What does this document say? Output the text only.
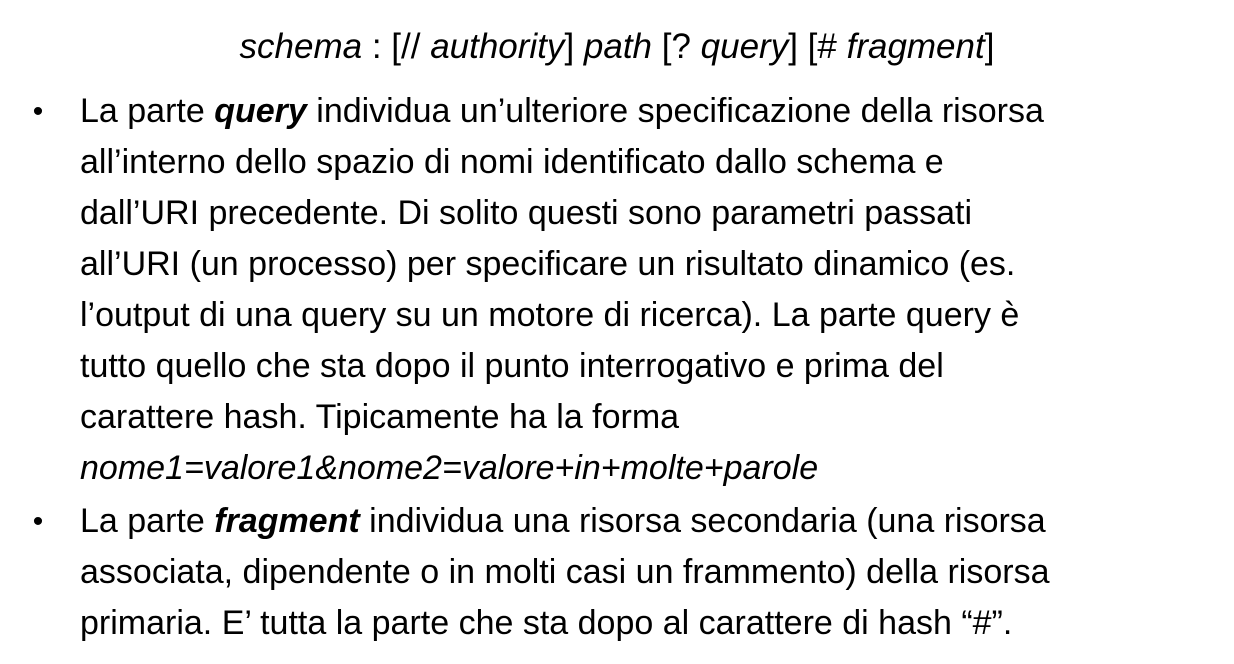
schema : [// authority] path [? query] [# fragment]
• La parte query individua un’ulteriore specificazione della risorsa
all’interno dello spazio di nomi identificato dallo schema e
dall’URI precedente. Di solito questi sono parametri passati
all’URI (un processo) per specificare un risultato dinamico (es.
l’output di una query su un motore di ricerca). La parte query è
tutto quello che sta dopo il punto interrogativo e prima del
carattere hash. Tipicamente ha la forma
nome1=valore1&nome2=valore+in+molte+parole
• La parte fragment individua una risorsa secondaria (una risorsa
associata, dipendente o in molti casi un frammento) della risorsa
primaria. E’ tutta la parte che sta dopo al carattere di hash “#”.
